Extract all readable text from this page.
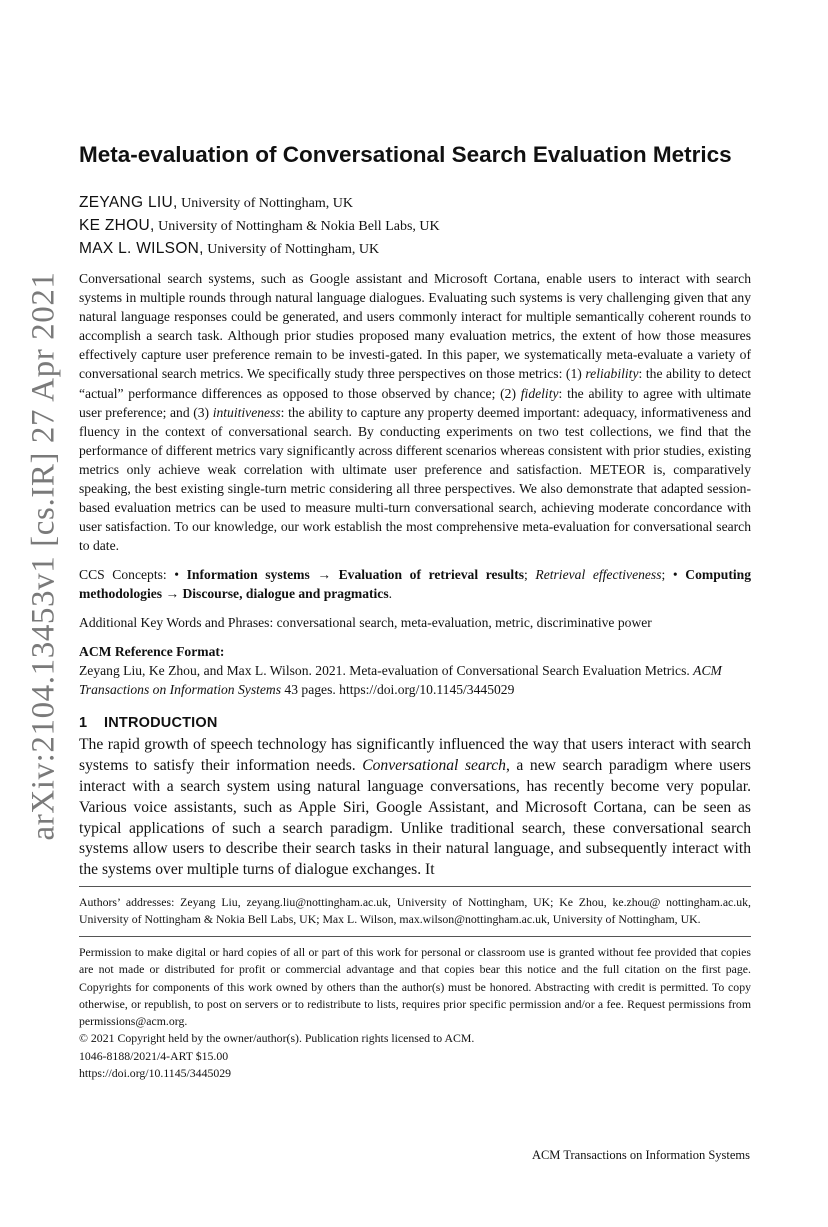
arXiv:2104.13453v1 [cs.IR] 27 Apr 2021
Meta-evaluation of Conversational Search Evaluation Metrics
ZEYANG LIU, University of Nottingham, UK
KE ZHOU, University of Nottingham & Nokia Bell Labs, UK
MAX L. WILSON, University of Nottingham, UK

Conversational search systems, such as Google assistant and Microsoft Cortana, enable users to interact with search systems in multiple rounds through natural language dialogues. Evaluating such systems is very challenging given that any natural language responses could be generated, and users commonly interact for multiple semantically coherent rounds to accomplish a search task. Although prior studies proposed many evaluation metrics, the extent of how those measures effectively capture user preference remain to be investi-gated. In this paper, we systematically meta-evaluate a variety of conversational search metrics. We specifically study three perspectives on those metrics: (1) reliability: the ability to detect “actual” performance differences as opposed to those observed by chance; (2) fidelity: the ability to agree with ultimate user preference; and (3) intuitiveness: the ability to capture any property deemed important: adequacy, informativeness and fluency in the context of conversational search. By conducting experiments on two test collections, we find that the performance of different metrics vary significantly across different scenarios whereas consistent with prior studies, existing metrics only achieve weak correlation with ultimate user preference and satisfaction. METEOR is, comparatively speaking, the best existing single-turn metric considering all three perspectives. We also demonstrate that adapted session-based evaluation metrics can be used to measure multi-turn conversational search, achieving moderate concordance with user satisfaction. To our knowledge, our work establish the most comprehensive meta-evaluation for conversational search to date.

CCS Concepts: • Information systems → Evaluation of retrieval results; Retrieval effectiveness; • Computing methodologies → Discourse, dialogue and pragmatics.

Additional Key Words and Phrases: conversational search, meta-evaluation, metric, discriminative power

ACM Reference Format:
Zeyang Liu, Ke Zhou, and Max L. Wilson. 2021. Meta-evaluation of Conversational Search Evaluation Metrics. ACM Transactions on Information Systems 43 pages. https://doi.org/10.1145/3445029
1 INTRODUCTION

The rapid growth of speech technology has significantly influenced the way that users interact with search systems to satisfy their information needs. Conversational search, a new search paradigm where users interact with a search system using natural language conversations, has recently become very popular. Various voice assistants, such as Apple Siri, Google Assistant, and Microsoft Cortana, can be seen as typical applications of such a search paradigm. Unlike traditional search, these conversational search systems allow users to describe their search tasks in their natural language, and subsequently interact with the systems over multiple turns of dialogue exchanges. It

Authors’ addresses: Zeyang Liu, zeyang.liu@nottingham.ac.uk, University of Nottingham, UK; Ke Zhou, ke.zhou@ nottingham.ac.uk, University of Nottingham & Nokia Bell Labs, UK; Max L. Wilson, max.wilson@nottingham.ac.uk, University of Nottingham, UK.

Permission to make digital or hard copies of all or part of this work for personal or classroom use is granted without fee provided that copies are not made or distributed for profit or commercial advantage and that copies bear this notice and the full citation on the first page. Copyrights for components of this work owned by others than the author(s) must be honored. Abstracting with credit is permitted. To copy otherwise, or republish, to post on servers or to redistribute to lists, requires prior specific permission and/or a fee. Request permissions from permissions@acm.org.

© 2021 Copyright held by the owner/author(s). Publication rights licensed to ACM.
1046-8188/2021/4-ART $15.00
https://doi.org/10.1145/3445029
ACM Transactions on Information Systems
